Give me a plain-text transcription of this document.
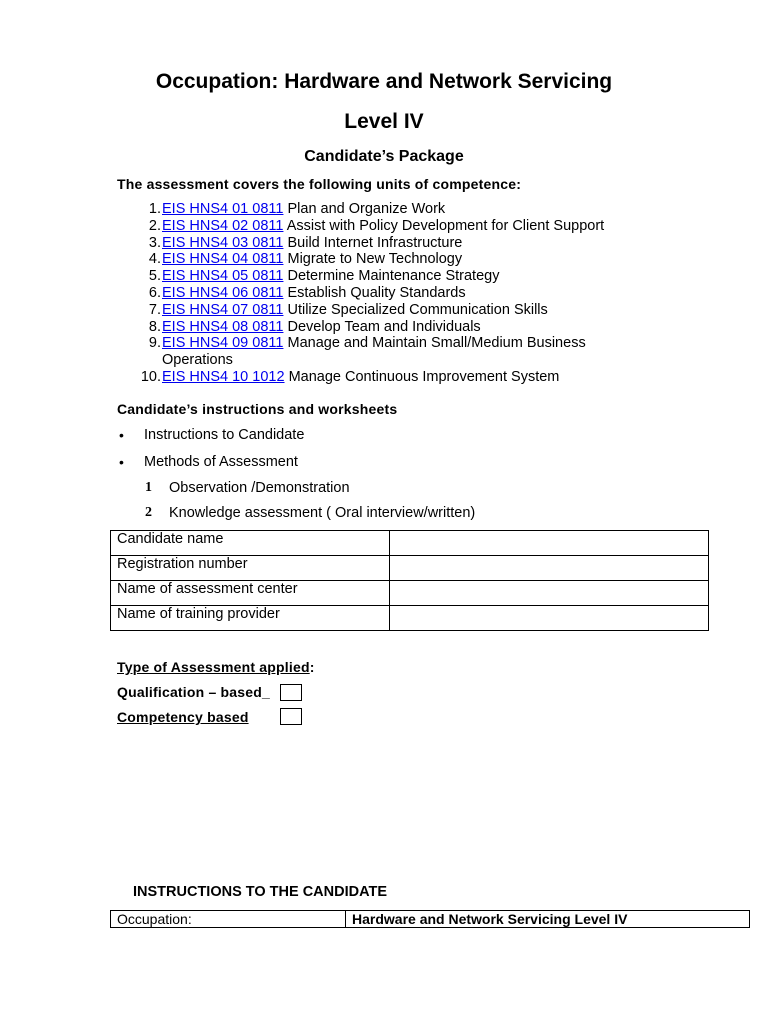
Occupation: Hardware and Network Servicing
Level IV
Candidate’s Package
The assessment covers the following units of competence:
1. EIS HNS4 01 0811 Plan and Organize Work
2. EIS HNS4 02 0811 Assist with Policy Development for Client Support
3. EIS HNS4 03 0811 Build Internet Infrastructure
4. EIS HNS4 04 0811 Migrate to New Technology
5. EIS HNS4 05 0811 Determine Maintenance Strategy
6. EIS HNS4 06 0811 Establish Quality Standards
7. EIS HNS4 07 0811 Utilize Specialized Communication Skills
8. EIS HNS4 08 0811 Develop Team and Individuals
9. EIS HNS4 09 0811 Manage and Maintain Small/Medium Business Operations
10. EIS HNS4 10 1012 Manage Continuous Improvement System
Candidate’s instructions and worksheets
•	Instructions to Candidate
•	Methods of Assessment
1	Observation /Demonstration
2	Knowledge assessment ( Oral interview/written)
Candidate name	
Registration number	
Name of assessment center	
Name of training provider	
Type of Assessment applied:
Qualification – based_
Competency based
INSTRUCTIONS TO THE CANDIDATE
Occupation:	Hardware and Network Servicing Level IV
